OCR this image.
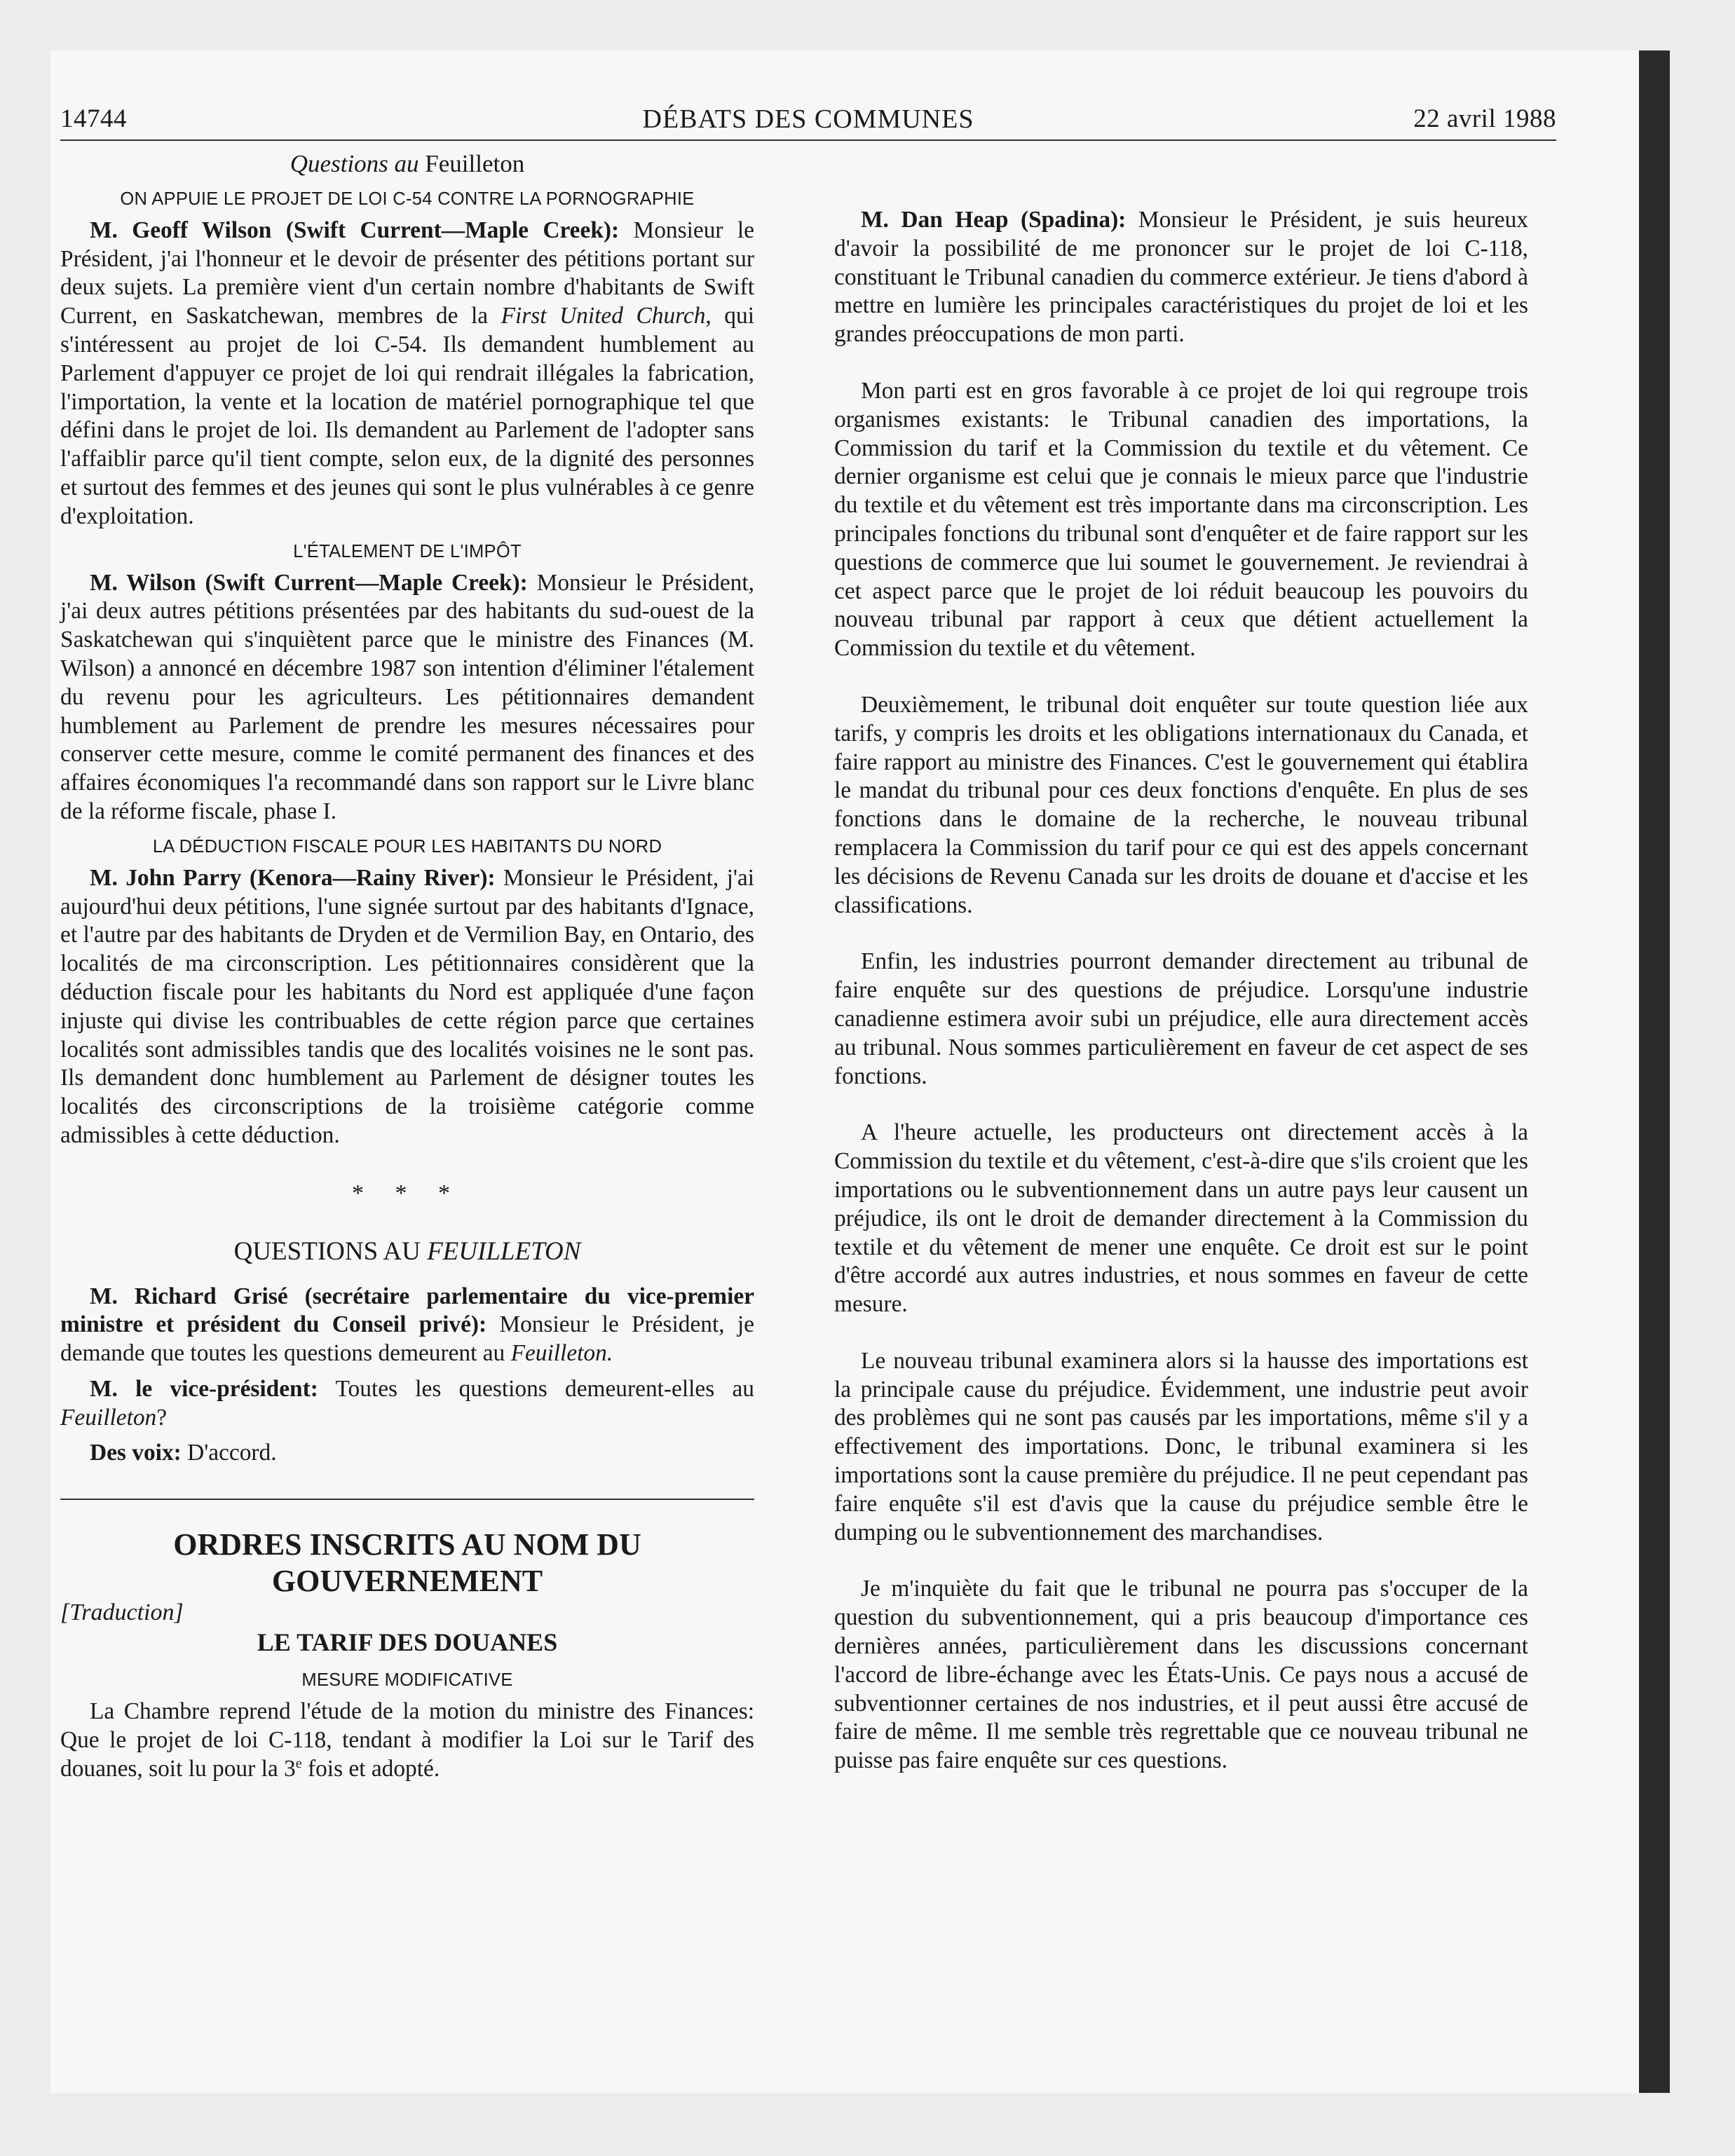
14744	DÉBATS DES COMMUNES	22 avril 1988

Questions au Feuilleton

ON APPUIE LE PROJET DE LOI C-54 CONTRE LA PORNOGRAPHIE

M. Geoff Wilson (Swift Current—Maple Creek): Monsieur le Président, j'ai l'honneur et le devoir de présenter des pétitions portant sur deux sujets. La première vient d'un certain nombre d'habitants de Swift Current, en Saskatchewan, membres de la First United Church, qui s'intéressent au projet de loi C-54. Ils demandent humblement au Parlement d'appuyer ce projet de loi qui rendrait illégales la fabrication, l'importation, la vente et la location de matériel pornographique tel que défini dans le projet de loi. Ils demandent au Parlement de l'adopter sans l'affaiblir parce qu'il tient compte, selon eux, de la dignité des personnes et surtout des femmes et des jeunes qui sont le plus vulnérables à ce genre d'exploitation.

L'ÉTALEMENT DE L'IMPÔT

M. Wilson (Swift Current—Maple Creek): Monsieur le Président, j'ai deux autres pétitions présentées par des habitants du sud-ouest de la Saskatchewan qui s'inquiètent parce que le ministre des Finances (M. Wilson) a annoncé en décembre 1987 son intention d'éliminer l'étalement du revenu pour les agriculteurs. Les pétitionnaires demandent humblement au Parlement de prendre les mesures nécessaires pour conserver cette mesure, comme le comité permanent des finances et des affaires économiques l'a recommandé dans son rapport sur le Livre blanc de la réforme fiscale, phase I.

LA DÉDUCTION FISCALE POUR LES HABITANTS DU NORD

M. John Parry (Kenora—Rainy River): Monsieur le Président, j'ai aujourd'hui deux pétitions, l'une signée surtout par des habitants d'Ignace, et l'autre par des habitants de Dryden et de Vermilion Bay, en Ontario, des localités de ma circonscription. Les pétitionnaires considèrent que la déduction fiscale pour les habitants du Nord est appliquée d'une façon injuste qui divise les contribuables de cette région parce que certaines localités sont admissibles tandis que des localités voisines ne le sont pas. Ils demandent donc humblement au Parlement de désigner toutes les localités des circonscriptions de la troisième catégorie comme admissibles à cette déduction.

* * *

QUESTIONS AU FEUILLETON

M. Richard Grisé (secrétaire parlementaire du vice-premier ministre et président du Conseil privé): Monsieur le Président, je demande que toutes les questions demeurent au Feuilleton.

M. le vice-président: Toutes les questions demeurent-elles au Feuilleton?

Des voix: D'accord.

ORDRES INSCRITS AU NOM DU
GOUVERNEMENT

[Traduction]

LE TARIF DES DOUANES

MESURE MODIFICATIVE

La Chambre reprend l'étude de la motion du ministre des Finances: Que le projet de loi C-118, tendant à modifier la Loi sur le Tarif des douanes, soit lu pour la 3e fois et adopté.

M. Dan Heap (Spadina): Monsieur le Président, je suis heureux d'avoir la possibilité de me prononcer sur le projet de loi C-118, constituant le Tribunal canadien du commerce extérieur. Je tiens d'abord à mettre en lumière les principales caractéristiques du projet de loi et les grandes préoccupations de mon parti.

Mon parti est en gros favorable à ce projet de loi qui regroupe trois organismes existants: le Tribunal canadien des importations, la Commission du tarif et la Commission du textile et du vêtement. Ce dernier organisme est celui que je connais le mieux parce que l'industrie du textile et du vêtement est très importante dans ma circonscription. Les principales fonctions du tribunal sont d'enquêter et de faire rapport sur les questions de commerce que lui soumet le gouvernement. Je reviendrai à cet aspect parce que le projet de loi réduit beaucoup les pouvoirs du nouveau tribunal par rapport à ceux que détient actuellement la Commission du textile et du vêtement.

Deuxièmement, le tribunal doit enquêter sur toute question liée aux tarifs, y compris les droits et les obligations internationaux du Canada, et faire rapport au ministre des Finances. C'est le gouvernement qui établira le mandat du tribunal pour ces deux fonctions d'enquête. En plus de ses fonctions dans le domaine de la recherche, le nouveau tribunal remplacera la Commission du tarif pour ce qui est des appels concernant les décisions de Revenu Canada sur les droits de douane et d'accise et les classifications.

Enfin, les industries pourront demander directement au tribunal de faire enquête sur des questions de préjudice. Lorsqu'une industrie canadienne estimera avoir subi un préjudice, elle aura directement accès au tribunal. Nous sommes particulièrement en faveur de cet aspect de ses fonctions.

A l'heure actuelle, les producteurs ont directement accès à la Commission du textile et du vêtement, c'est-à-dire que s'ils croient que les importations ou le subventionnement dans un autre pays leur causent un préjudice, ils ont le droit de demander directement à la Commission du textile et du vêtement de mener une enquête. Ce droit est sur le point d'être accordé aux autres industries, et nous sommes en faveur de cette mesure.

Le nouveau tribunal examinera alors si la hausse des importations est la principale cause du préjudice. Évidemment, une industrie peut avoir des problèmes qui ne sont pas causés par les importations, même s'il y a effectivement des importations. Donc, le tribunal examinera si les importations sont la cause première du préjudice. Il ne peut cependant pas faire enquête s'il est d'avis que la cause du préjudice semble être le dumping ou le subventionnement des marchandises.

Je m'inquiète du fait que le tribunal ne pourra pas s'occuper de la question du subventionnement, qui a pris beaucoup d'importance ces dernières années, particulièrement dans les discussions concernant l'accord de libre-échange avec les États-Unis. Ce pays nous a accusé de subventionner certaines de nos industries, et il peut aussi être accusé de faire de même. Il me semble très regrettable que ce nouveau tribunal ne puisse pas faire enquête sur ces questions.
